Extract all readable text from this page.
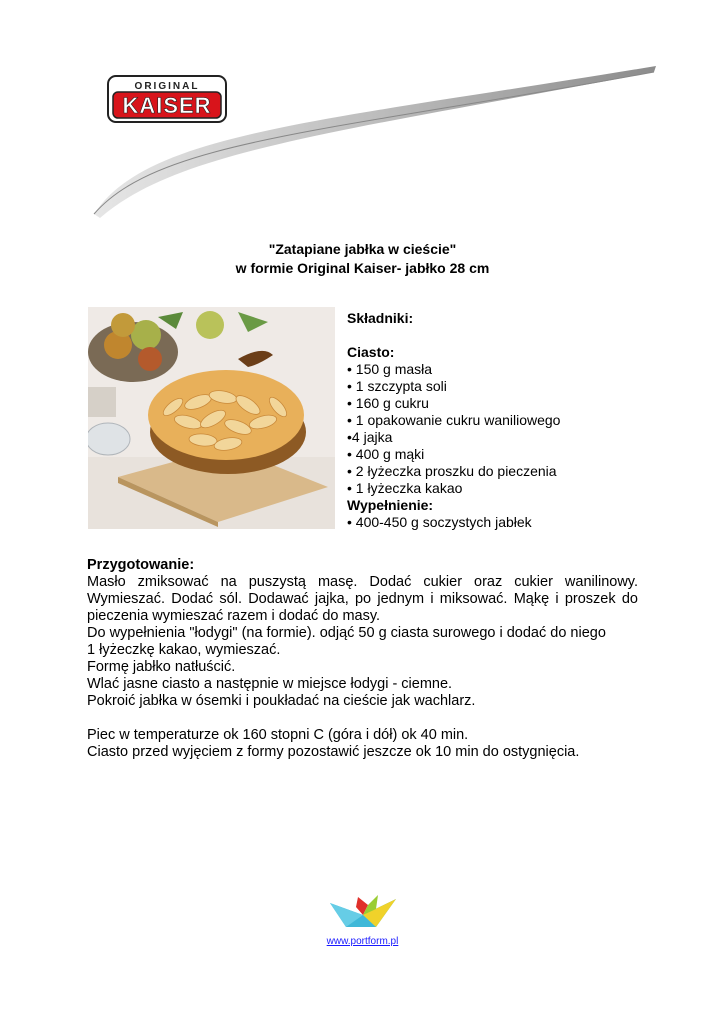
ORIGINAL
KAISER
"Zatapiane jabłka w cieście"
w formie Original Kaiser- jabłko 28 cm
Składniki:
Ciasto:
• 150 g masła
• 1 szczypta soli
• 160 g cukru
• 1 opakowanie cukru waniliowego
•4 jajka
• 400 g mąki
• 2 łyżeczka proszku do pieczenia
• 1 łyżeczka kakao
Wypełnienie:
• 400-450 g soczystych jabłek
Przygotowanie:
Masło zmiksować na puszystą masę. Dodać cukier oraz cukier wanilinowy. Wymieszać. Dodać sól. Dodawać jajka, po jednym i miksować. Mąkę i proszek do pieczenia wymieszać razem i dodać do masy.
Do wypełnienia "łodygi" (na formie). odjąć 50 g ciasta surowego i dodać do niego
1 łyżeczkę kakao, wymieszać.
Formę jabłko natłuścić.
Wlać jasne ciasto a następnie w miejsce łodygi - ciemne.
Pokroić jabłka w ósemki i poukładać na cieście jak wachlarz.
Piec w temperaturze ok 160 stopni C (góra i dół) ok 40 min.
Ciasto przed wyjęciem z formy pozostawić jeszcze ok 10 min do ostygnięcia.
www.portform.pl
